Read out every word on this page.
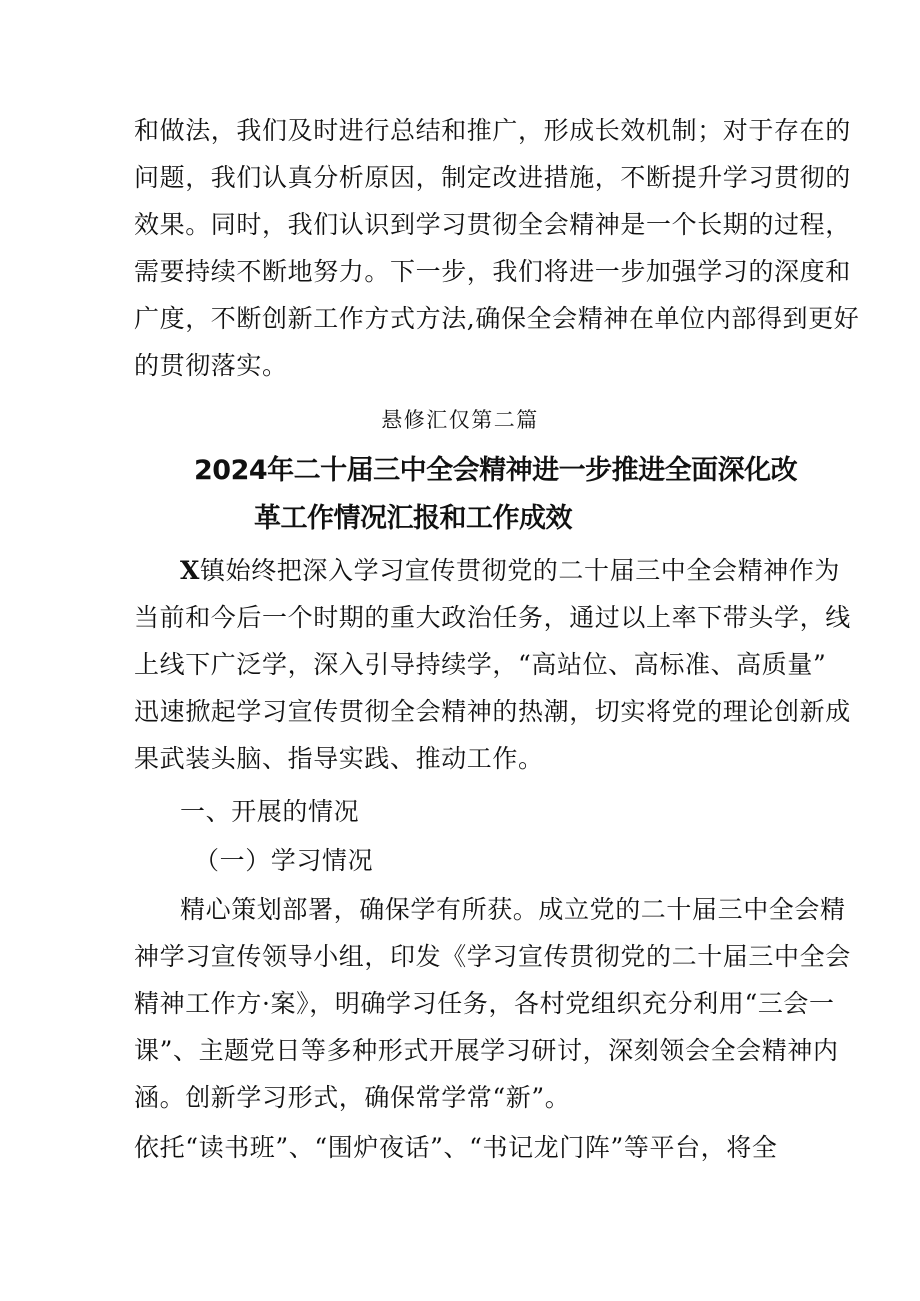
和做法，我们及时进行总结和推广，形成长效机制；对于存在的
问题，我们认真分析原因，制定改进措施，不断提升学习贯彻的
效果。同时，我们认识到学习贯彻全会精神是一个长期的过程，
需要持续不断地努力。下一步，我们将进一步加强学习的深度和
广度，不断创新工作方式方法,确保全会精神在单位内部得到更好
的贯彻落实。
悬修汇仅第二篇
2024年二十届三中全会精神进一步推进全面深化改
革工作情况汇报和工作成效
X镇始终把深入学习宣传贯彻党的二十届三中全会精神作为
当前和今后一个时期的重大政治任务，通过以上率下带头学，线
上线下广泛学，深入引导持续学，“高站位、高标准、高质量”
迅速掀起学习宣传贯彻全会精神的热潮，切实将党的理论创新成
果武装头脑、指导实践、推动工作。
一、开展的情况
（一）学习情况
精心策划部署，确保学有所获。成立党的二十届三中全会精
神学习宣传领导小组，印发《学习宣传贯彻党的二十届三中全会
精神工作方·案》，明确学习任务，各村党组织充分利用“三会一
课”、主题党日等多种形式开展学习研讨，深刻领会全会精神内
涵。创新学习形式，确保常学常“新”。
依托“读书班”、“围炉夜话”、“书记龙门阵”等平台，将全
